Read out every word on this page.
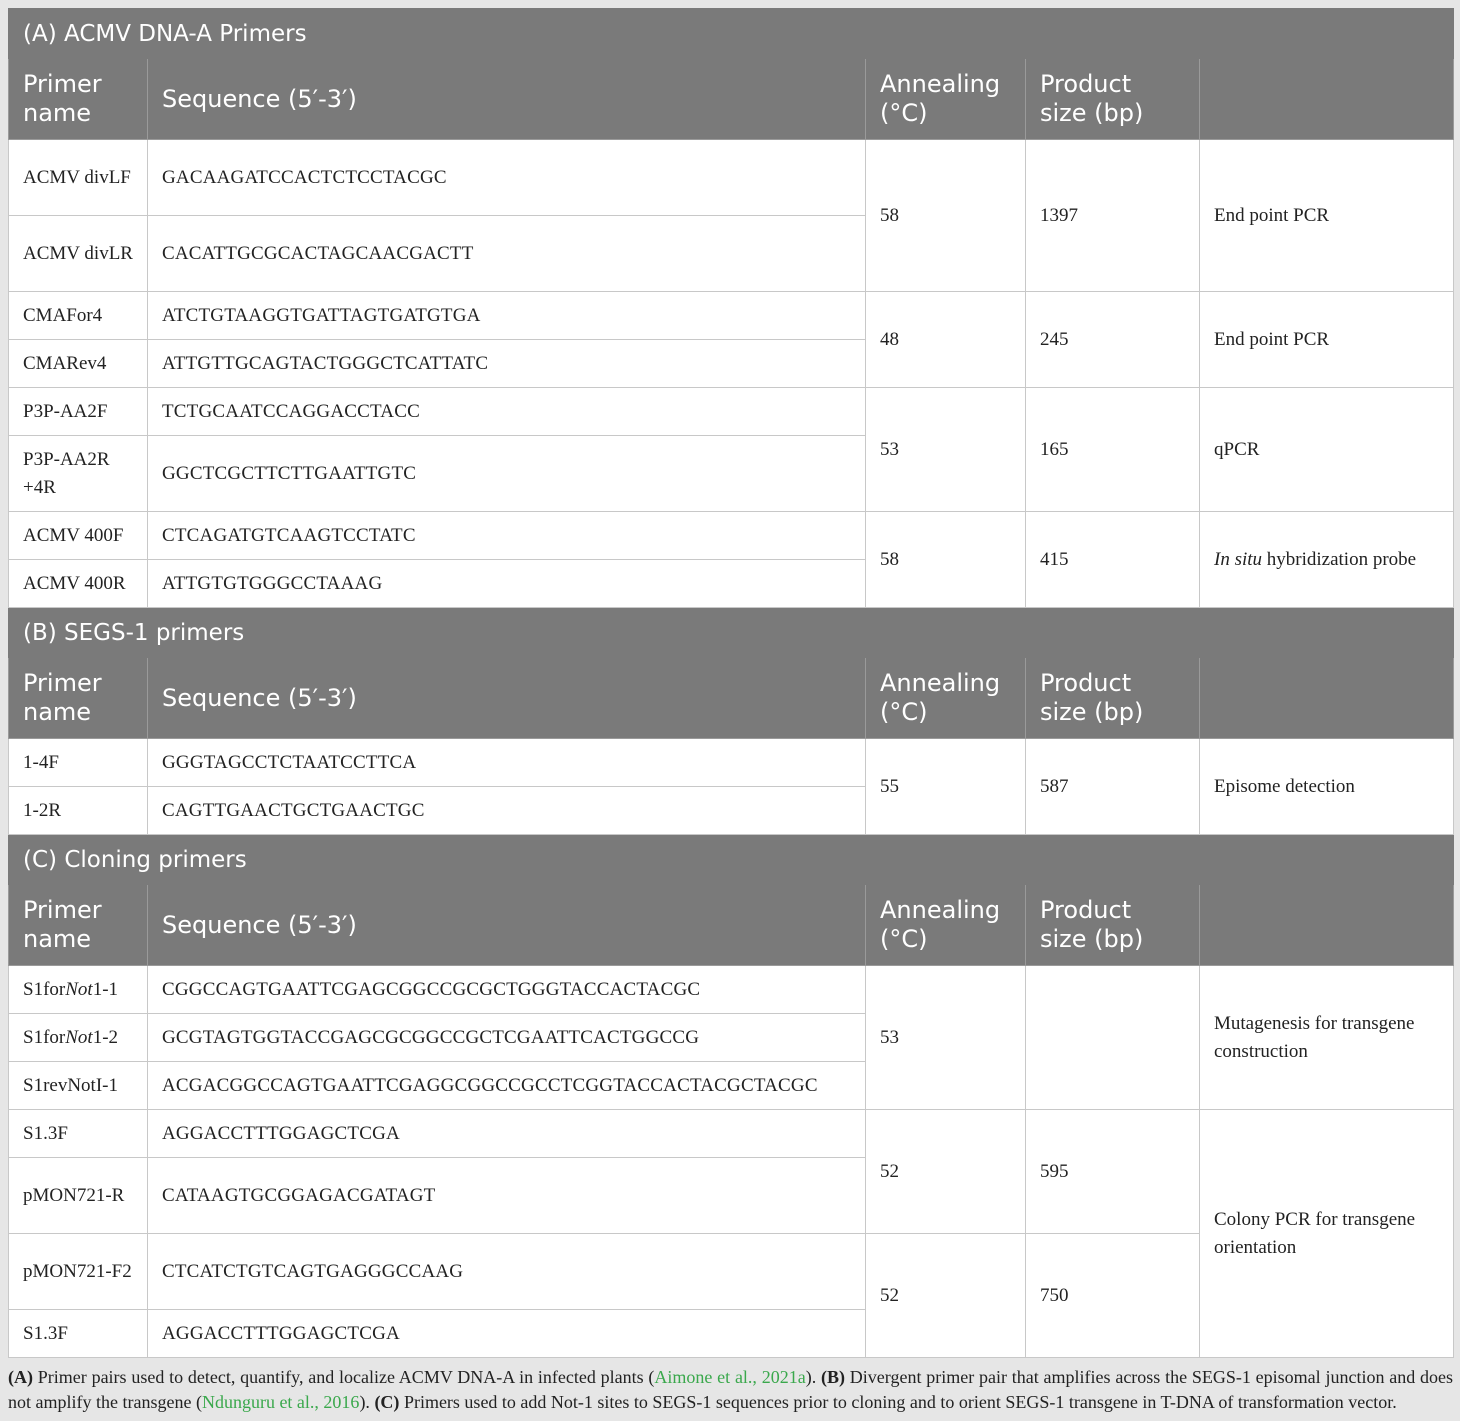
(A) ACMV DNA-A Primers				
Primer name	Sequence (5′-3′)	Annealing (°C)	Product size (bp)	
ACMV divLF	GACAAGATCCACTCTCCTACGC	58	1397	End point PCR
ACMV divLR	CACATTGCGCACTAGCAACGACTT			
CMAFor4	ATCTGTAAGGTGATTAGTGATGTGA	48	245	End point PCR
CMARev4	ATTGTTGCAGTACTGGGCTCATTATC			
P3P-AA2F	TCTGCAATCCAGGACCTACC	53	165	qPCR
P3P-AA2R +4R	GGCTCGCTTCTTGAATTGTC			
ACMV 400F	CTCAGATGTCAAGTCCTATC	58	415	In situ hybridization probe
ACMV 400R	ATTGTGTGGGCCTAAAG			
(B) SEGS-1 primers				
Primer name	Sequence (5′-3′)	Annealing (°C)	Product size (bp)	
1-4F	GGGTAGCCTCTAATCCTTCA	55	587	Episome detection
1-2R	CAGTTGAACTGCTGAACTGC			
(C) Cloning primers				
Primer name	Sequence (5′-3′)	Annealing (°C)	Product size (bp)	
S1forNot1-1	CGGCCAGTGAATTCGAGCGGCCGCGCTGGGTACCACTACGC	53		Mutagenesis for transgene construction
S1forNot1-2	GCGTAGTGGTACCGAGCGCGGCCGCTCGAATTCACTGGCCG			
S1revNotI-1	ACGACGGCCAGTGAATTCGAGGCGGCCGCCTCGGTACCACTACGCTACGC			
S1.3F	AGGACCTTTGGAGCTCGA	52	595	Colony PCR for transgene orientation
pMON721-R	CATAAGTGCGGAGACGATAGT			
pMON721-F2	CTCATCTGTCAGTGAGGGCCAAG	52	750	
S1.3F	AGGACCTTTGGAGCTCGA			
(A) Primer pairs used to detect, quantify, and localize ACMV DNA-A in infected plants (Aimone et al., 2021a). (B) Divergent primer pair that amplifies across the SEGS-1 episomal junction and does not amplify the transgene (Ndunguru et al., 2016). (C) Primers used to add Not-1 sites to SEGS-1 sequences prior to cloning and to orient SEGS-1 transgene in T-DNA of transformation vector.
